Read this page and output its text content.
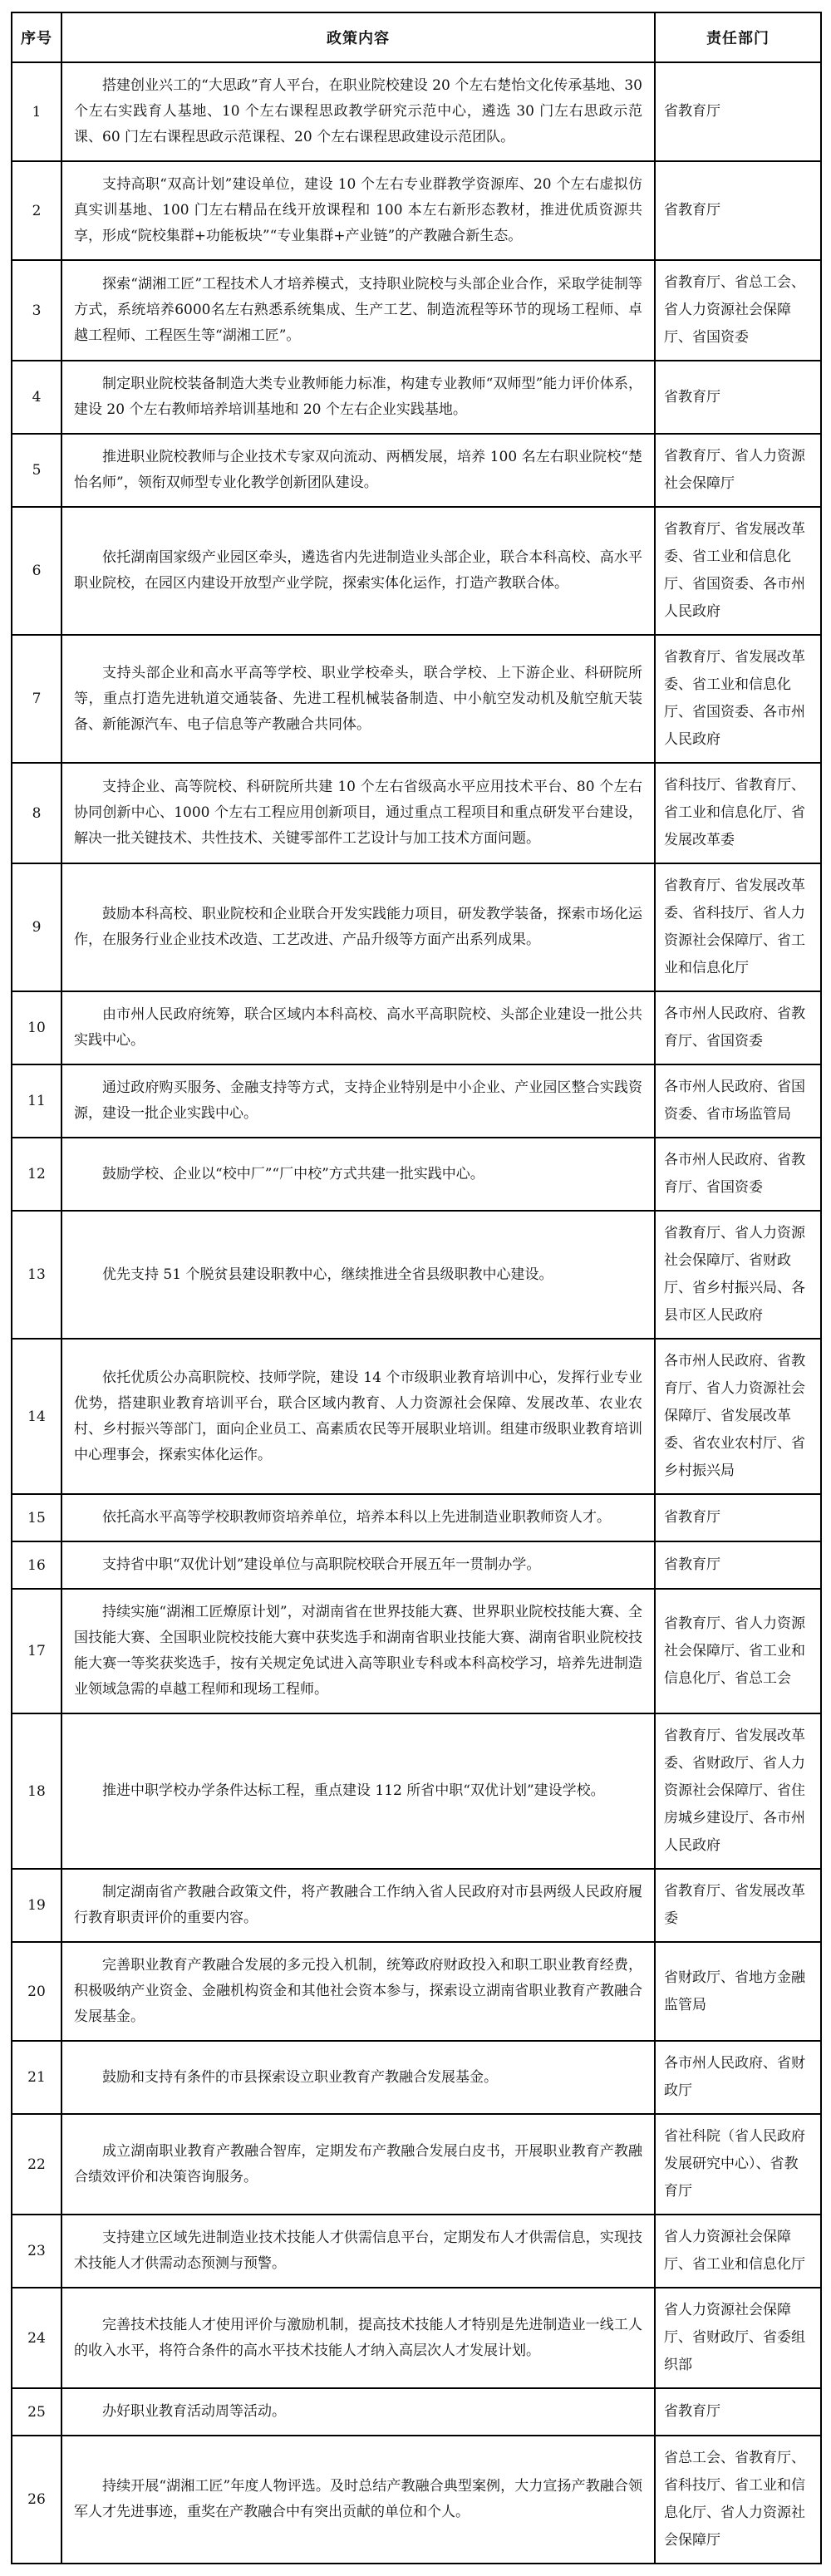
序号	政策内容	责任部门
1	搭建创业兴工的“大思政”育人平台，在职业院校建设 20 个左右楚怡文化传承基地、30 个左右实践育人基地、10 个左右课程思政教学研究示范中心，遴选 30 门左右思政示范课、60 门左右课程思政示范课程、20 个左右课程思政建设示范团队。	省教育厅
2	支持高职“双高计划”建设单位，建设 10 个左右专业群教学资源库、20 个左右虚拟仿真实训基地、100 门左右精品在线开放课程和 100 本左右新形态教材，推进优质资源共享，形成“院校集群+功能板块”“专业集群+产业链”的产教融合新生态。	省教育厅
3	探索“湖湘工匠”工程技术人才培养模式，支持职业院校与头部企业合作，采取学徒制等方式，系统培养6000名左右熟悉系统集成、生产工艺、制造流程等环节的现场工程师、卓越工程师、工程医生等“湖湘工匠”。	省教育厅、省总工会、省人力资源社会保障厅、省国资委
4	制定职业院校装备制造大类专业教师能力标准，构建专业教师“双师型”能力评价体系，建设 20 个左右教师培养培训基地和 20 个左右企业实践基地。	省教育厅
5	推进职业院校教师与企业技术专家双向流动、两栖发展，培养 100 名左右职业院校“楚怡名师”，领衔双师型专业化教学创新团队建设。	省教育厅、省人力资源社会保障厅
6	依托湖南国家级产业园区牵头，遴选省内先进制造业头部企业，联合本科高校、高水平职业院校，在园区内建设开放型产业学院，探索实体化运作，打造产教联合体。	省教育厅、省发展改革委、省工业和信息化厅、省国资委、各市州人民政府
7	支持头部企业和高水平高等学校、职业学校牵头，联合学校、上下游企业、科研院所等，重点打造先进轨道交通装备、先进工程机械装备制造、中小航空发动机及航空航天装备、新能源汽车、电子信息等产教融合共同体。	省教育厅、省发展改革委、省工业和信息化厅、省国资委、各市州人民政府
8	支持企业、高等院校、科研院所共建 10 个左右省级高水平应用技术平台、80 个左右协同创新中心、1000 个左右工程应用创新项目，通过重点工程项目和重点研发平台建设，解决一批关键技术、共性技术、关键零部件工艺设计与加工技术方面问题。	省科技厅、省教育厅、省工业和信息化厅、省发展改革委
9	鼓励本科高校、职业院校和企业联合开发实践能力项目，研发教学装备，探索市场化运作，在服务行业企业技术改造、工艺改进、产品升级等方面产出系列成果。	省教育厅、省发展改革委、省科技厅、省人力资源社会保障厅、省工业和信息化厅
10	由市州人民政府统筹，联合区域内本科高校、高水平高职院校、头部企业建设一批公共实践中心。	各市州人民政府、省教育厅、省国资委
11	通过政府购买服务、金融支持等方式，支持企业特别是中小企业、产业园区整合实践资源，建设一批企业实践中心。	各市州人民政府、省国资委、省市场监管局
12	鼓励学校、企业以“校中厂”“厂中校”方式共建一批实践中心。	各市州人民政府、省教育厅、省国资委
13	优先支持 51 个脱贫县建设职教中心，继续推进全省县级职教中心建设。	省教育厅、省人力资源社会保障厅、省财政厅、省乡村振兴局、各县市区人民政府
14	依托优质公办高职院校、技师学院，建设 14 个市级职业教育培训中心，发挥行业专业优势，搭建职业教育培训平台，联合区域内教育、人力资源社会保障、发展改革、农业农村、乡村振兴等部门，面向企业员工、高素质农民等开展职业培训。组建市级职业教育培训中心理事会，探索实体化运作。	各市州人民政府、省教育厅、省人力资源社会保障厅、省发展改革委、省农业农村厅、省乡村振兴局
15	依托高水平高等学校职教师资培养单位，培养本科以上先进制造业职教师资人才。	省教育厅
16	支持省中职“双优计划”建设单位与高职院校联合开展五年一贯制办学。	省教育厅
17	持续实施“湖湘工匠燎原计划”，对湖南省在世界技能大赛、世界职业院校技能大赛、全国技能大赛、全国职业院校技能大赛中获奖选手和湖南省职业技能大赛、湖南省职业院校技能大赛一等奖获奖选手，按有关规定免试进入高等职业专科或本科高校学习，培养先进制造业领域急需的卓越工程师和现场工程师。	省教育厅、省人力资源社会保障厅、省工业和信息化厅、省总工会
18	推进中职学校办学条件达标工程，重点建设 112 所省中职“双优计划”建设学校。	省教育厅、省发展改革委、省财政厅、省人力资源社会保障厅、省住房城乡建设厅、各市州人民政府
19	制定湖南省产教融合政策文件，将产教融合工作纳入省人民政府对市县两级人民政府履行教育职责评价的重要内容。	省教育厅、省发展改革委
20	完善职业教育产教融合发展的多元投入机制，统筹政府财政投入和职工职业教育经费，积极吸纳产业资金、金融机构资金和其他社会资本参与，探索设立湖南省职业教育产教融合发展基金。	省财政厅、省地方金融监管局
21	鼓励和支持有条件的市县探索设立职业教育产教融合发展基金。	各市州人民政府、省财政厅
22	成立湖南职业教育产教融合智库，定期发布产教融合发展白皮书，开展职业教育产教融合绩效评价和决策咨询服务。	省社科院（省人民政府发展研究中心）、省教育厅
23	支持建立区域先进制造业技术技能人才供需信息平台，定期发布人才供需信息，实现技术技能人才供需动态预测与预警。	省人力资源社会保障厅、省工业和信息化厅
24	完善技术技能人才使用评价与激励机制，提高技术技能人才特别是先进制造业一线工人的收入水平，将符合条件的高水平技术技能人才纳入高层次人才发展计划。	省人力资源社会保障厅、省财政厅、省委组织部
25	办好职业教育活动周等活动。	省教育厅
26	持续开展“湖湘工匠”年度人物评选。及时总结产教融合典型案例，大力宣扬产教融合领军人才先进事迹，重奖在产教融合中有突出贡献的单位和个人。	省总工会、省教育厅、省科技厅、省工业和信息化厅、省人力资源社会保障厅
